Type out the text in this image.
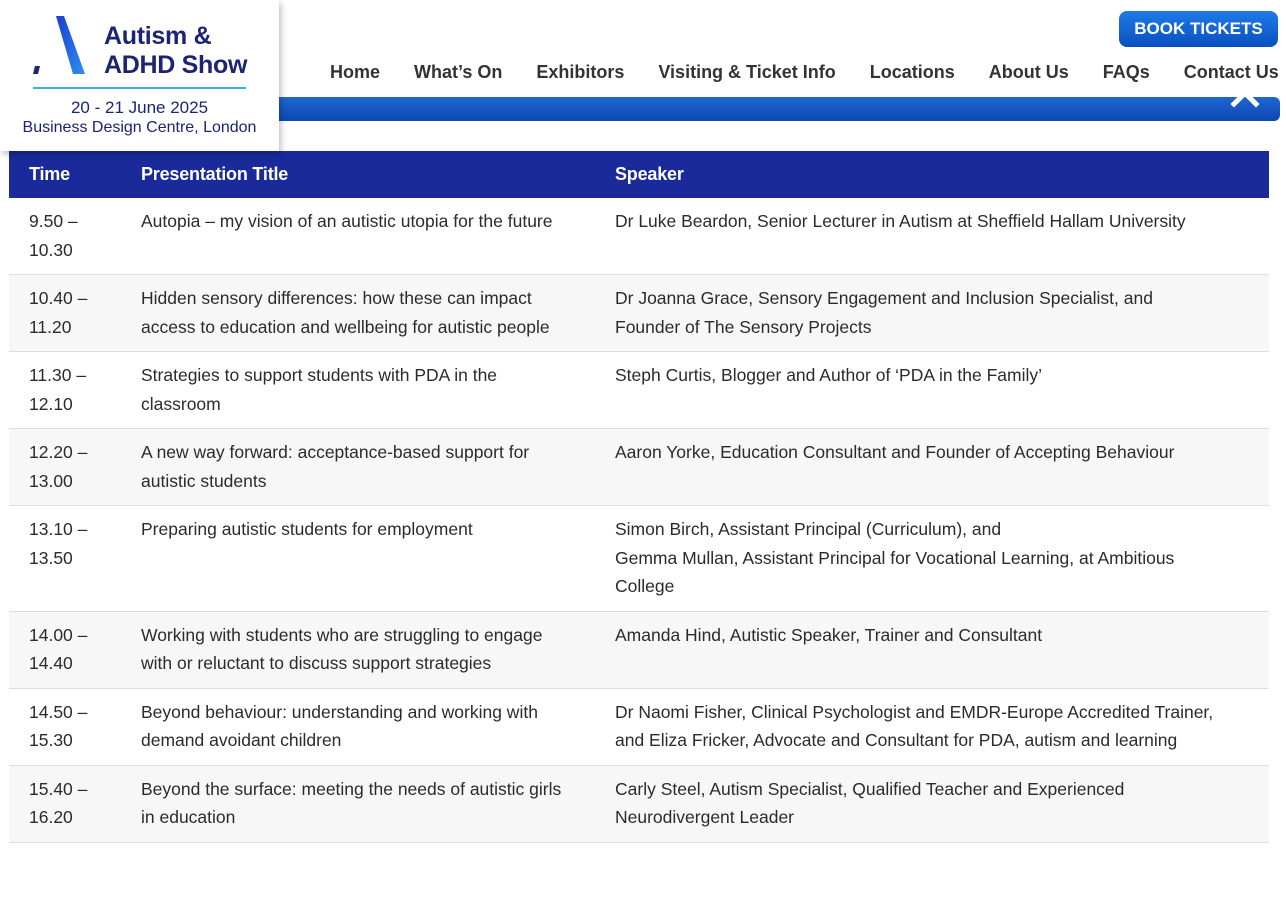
Autism &
ADHD Show
20 - 21 June 2025
Business Design Centre, London
BOOK TICKETS
Home	What’s On	Exhibitors	Visiting & Ticket Info	Locations	About Us	FAQs	Contact Us
Time	Presentation Title	Speaker
9.50 – 10.30	Autopia – my vision of an autistic utopia for the future	Dr Luke Beardon, Senior Lecturer in Autism at Sheffield Hallam University
10.40 – 11.20	Hidden sensory differences: how these can impact access to education and wellbeing for autistic people	Dr Joanna Grace, Sensory Engagement and Inclusion Specialist, and Founder of The Sensory Projects
11.30 – 12.10	Strategies to support students with PDA in the classroom	Steph Curtis, Blogger and Author of ‘PDA in the Family’
12.20 – 13.00	A new way forward: acceptance-based support for autistic students	Aaron Yorke, Education Consultant and Founder of Accepting Behaviour
13.10 – 13.50	Preparing autistic students for employment	Simon Birch, Assistant Principal (Curriculum), and
Gemma Mullan, Assistant Principal for Vocational Learning, at Ambitious College

14.00 – 14.40	Working with students who are struggling to engage with or reluctant to discuss support strategies	Amanda Hind, Autistic Speaker, Trainer and Consultant
14.50 – 15.30	Beyond behaviour: understanding and working with demand avoidant children	Dr Naomi Fisher, Clinical Psychologist and EMDR-Europe Accredited Trainer, and Eliza Fricker, Advocate and Consultant for PDA, autism and learning
15.40 – 16.20	Beyond the surface: meeting the needs of autistic girls in education	Carly Steel, Autism Specialist, Qualified Teacher and Experienced Neurodivergent Leader
